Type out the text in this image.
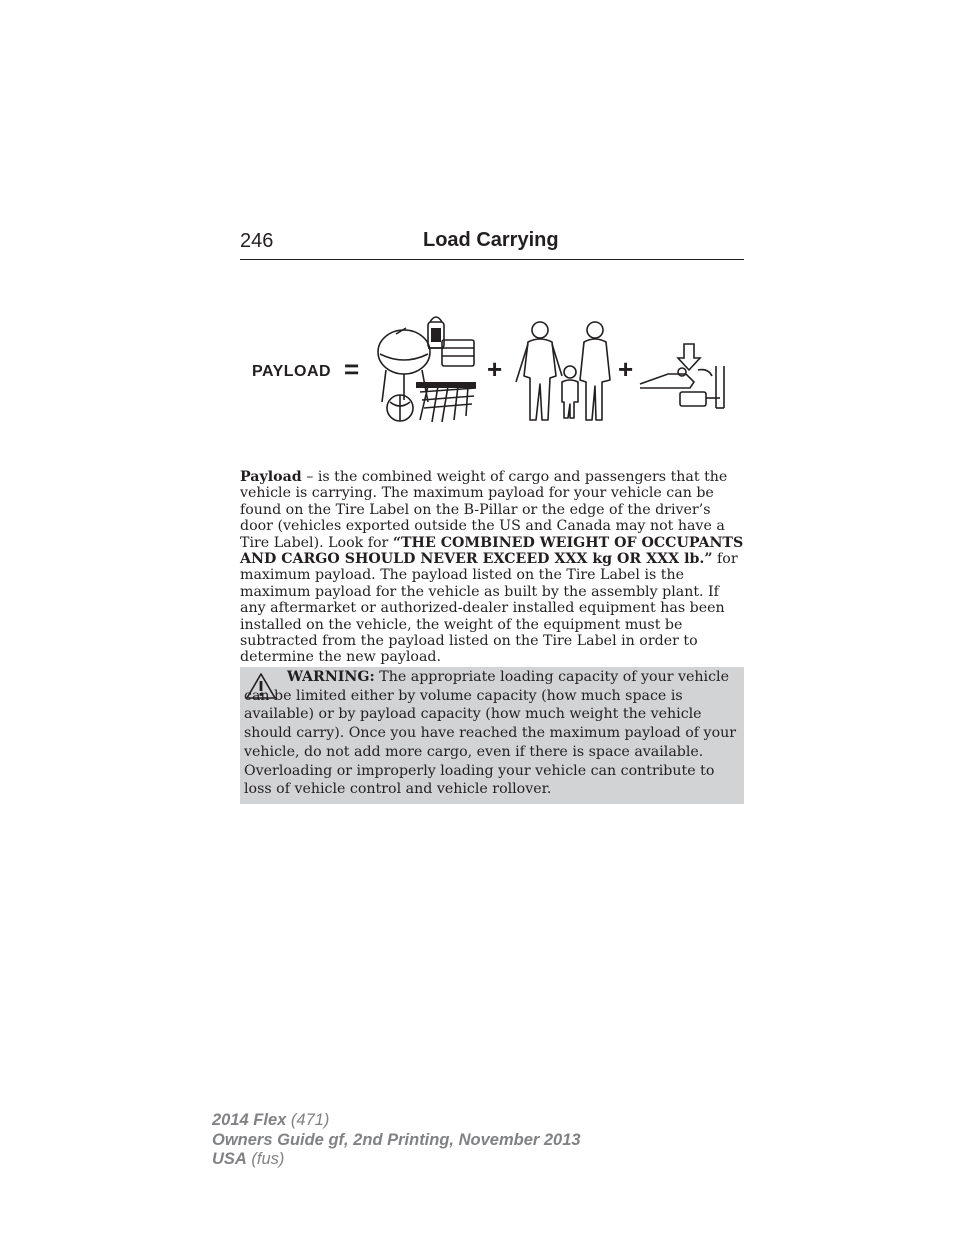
246	Load Carrying
PAYLOAD =	+	+

Payload – is the combined weight of cargo and passengers that the vehicle is carrying. The maximum payload for your vehicle can be found on the Tire Label on the B-Pillar or the edge of the driver’s door (vehicles exported outside the US and Canada may not have a Tire Label). Look for “THE COMBINED WEIGHT OF OCCUPANTS AND CARGO SHOULD NEVER EXCEED XXX kg OR XXX lb.” for maximum payload. The payload listed on the Tire Label is the maximum payload for the vehicle as built by the assembly plant. If any aftermarket or authorized-dealer installed equipment has been installed on the vehicle, the weight of the equipment must be subtracted from the payload listed on the Tire Label in order to determine the new payload.

WARNING: The appropriate loading capacity of your vehicle can be limited either by volume capacity (how much space is available) or by payload capacity (how much weight the vehicle should carry). Once you have reached the maximum payload of your vehicle, do not add more cargo, even if there is space available. Overloading or improperly loading your vehicle can contribute to loss of vehicle control and vehicle rollover.

2014 Flex (471)
Owners Guide gf, 2nd Printing, November 2013
USA (fus)
